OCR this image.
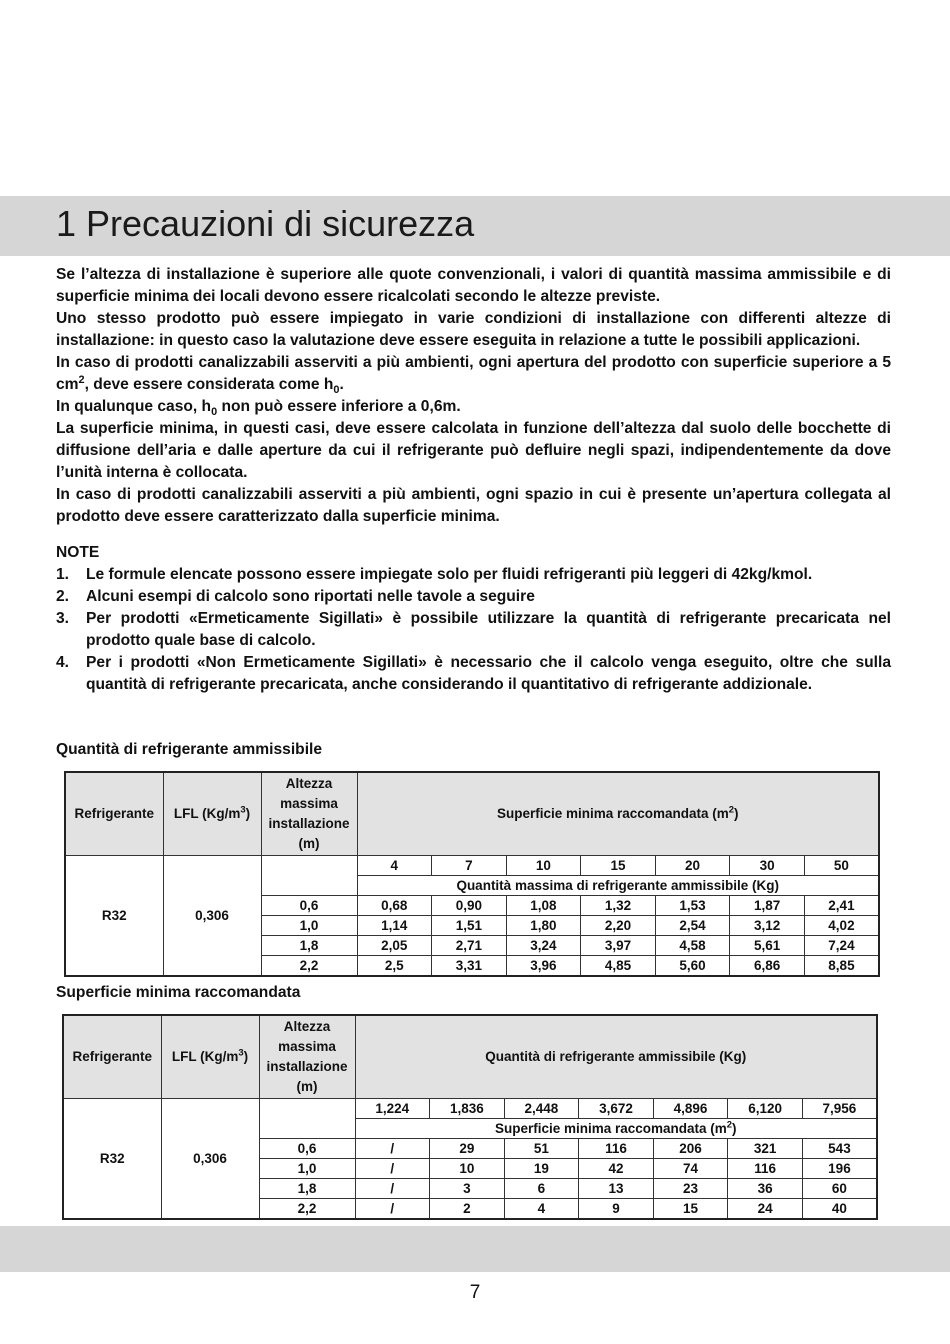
1 Precauzioni di sicurezza

Se l’altezza di installazione è superiore alle quote convenzionali, i valori di quantità massima ammissibile e di superficie minima dei locali devono essere ricalcolati secondo le altezze previste.

Uno stesso prodotto può essere impiegato in varie condizioni di installazione con differenti altezze di installazione: in questo caso la valutazione deve essere eseguita in relazione a tutte le possibili applicazioni.

In caso di prodotti canalizzabili asserviti a più ambienti, ogni apertura del prodotto con superficie superiore a 5 $cm^2$, deve essere considerata come $h_0$.

In qualunque caso, $h_0$ non può essere inferiore a 0,6m.

La superficie minima, in questi casi, deve essere calcolata in funzione dell’altezza dal suolo delle bocchette di diffusione dell’aria e dalle aperture da cui il refrigerante può defluire negli spazi, indipendentemente da dove l’unità interna è collocata.

In caso di prodotti canalizzabili asserviti a più ambienti, ogni spazio in cui è presente un’apertura collegata al prodotto deve essere caratterizzato dalla superficie minima.

NOTE

1. Le formule elencate possono essere impiegate solo per fluidi refrigeranti più leggeri di 42kg/kmol.
2. Alcuni esempi di calcolo sono riportati nelle tavole a seguire
3. Per prodotti «Ermeticamente Sigillati» è possibile utilizzare la quantità di refrigerante precaricata nel prodotto quale base di calcolo.
4. Per i prodotti «Non Ermeticamente Sigillati» è necessario che il calcolo venga eseguito, oltre che sulla quantità di refrigerante precaricata, anche considerando il quantitativo di refrigerante addizionale.
Quantità di refrigerante ammissibile
Refrigerante	LFL $(Kg/m^3)$	Altezza massima installazione (m)	Superficie minima raccomandata $(m^2)$						
R32	0,306		4	7	10	15	20	30	50
			Quantità massima di refrigerante ammissibile (Kg)						
		0,6	0,68	0,90	1,08	1,32	1,53	1,87	2,41
		1,0	1,14	1,51	1,80	2,20	2,54	3,12	4,02
		1,8	2,05	2,71	3,24	3,97	4,58	5,61	7,24
		2,2	2,5	3,31	3,96	4,85	5,60	6,86	8,85
Superficie minima raccomandata
Refrigerante	LFL $(Kg/m^3)$	Altezza massima installazione (m)	Quantità di refrigerante ammissibile (Kg)						
R32	0,306		1,224	1,836	2,448	3,672	4,896	6,120	7,956
			Superficie minima raccomandata $(m^2)$						
		0,6	/	29	51	116	206	321	543
		1,0	/	10	19	42	74	116	196
		1,8	/	3	6	13	23	36	60
		2,2	/	2	4	9	15	24	40
7
